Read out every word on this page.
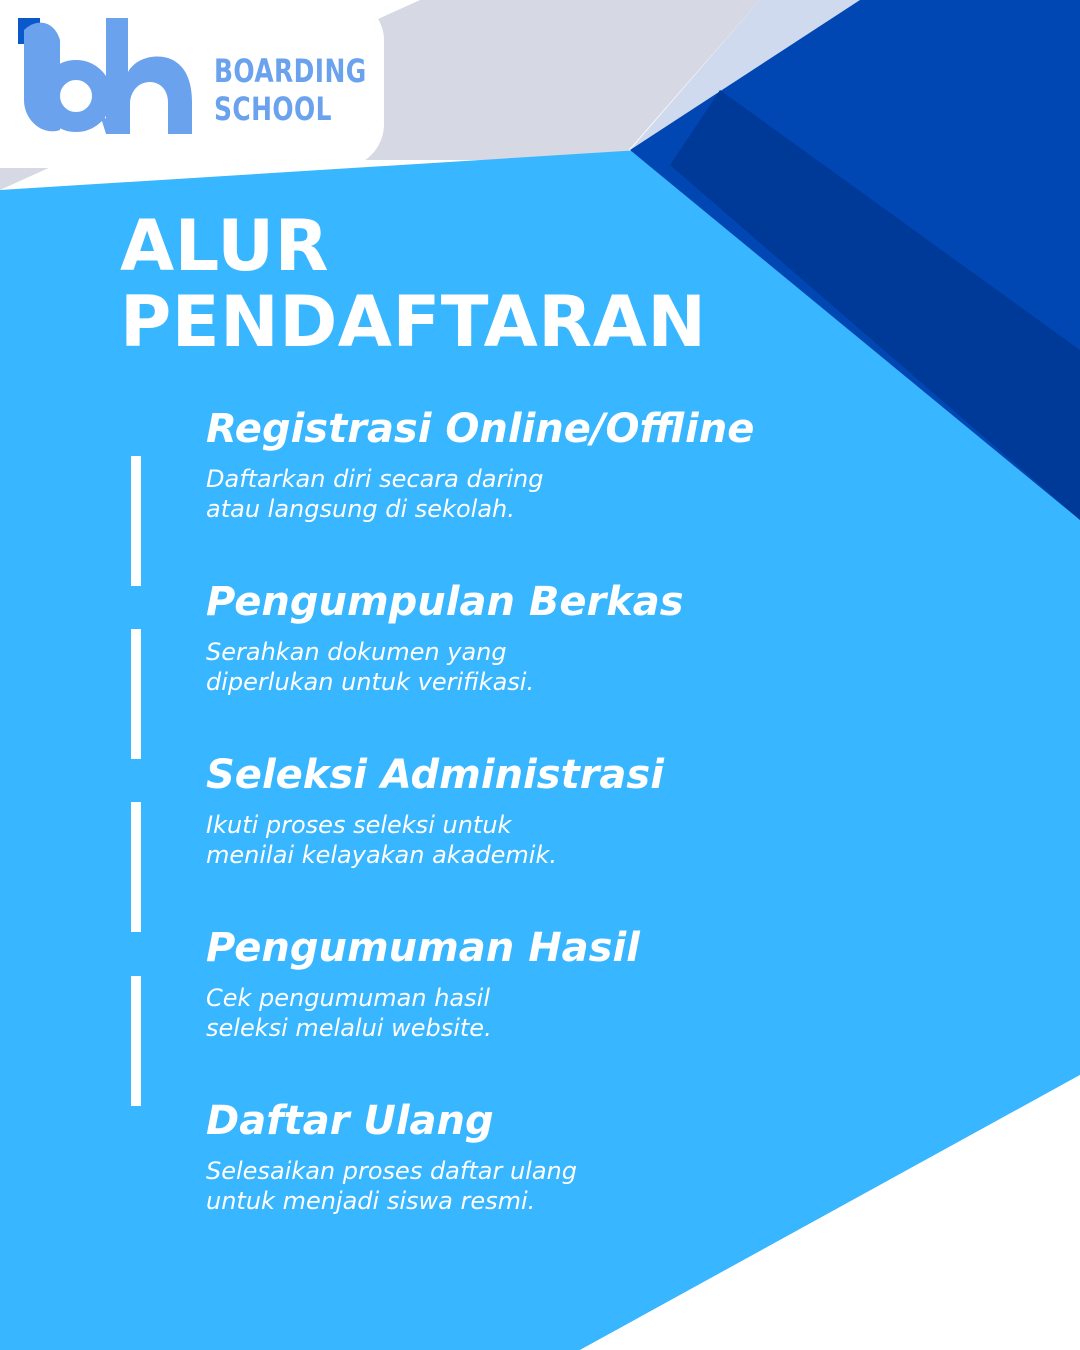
BOARDING
SCHOOL
ALUR
PENDAFTARAN
Registrasi Online/Offline
Daftarkan diri secara daring
atau langsung di sekolah.
Pengumpulan Berkas
Serahkan dokumen yang
diperlukan untuk verifikasi.
Seleksi Administrasi
Ikuti proses seleksi untuk
menilai kelayakan akademik.
Pengumuman Hasil
Cek pengumuman hasil
seleksi melalui website.
Daftar Ulang
Selesaikan proses daftar ulang
untuk menjadi siswa resmi.
